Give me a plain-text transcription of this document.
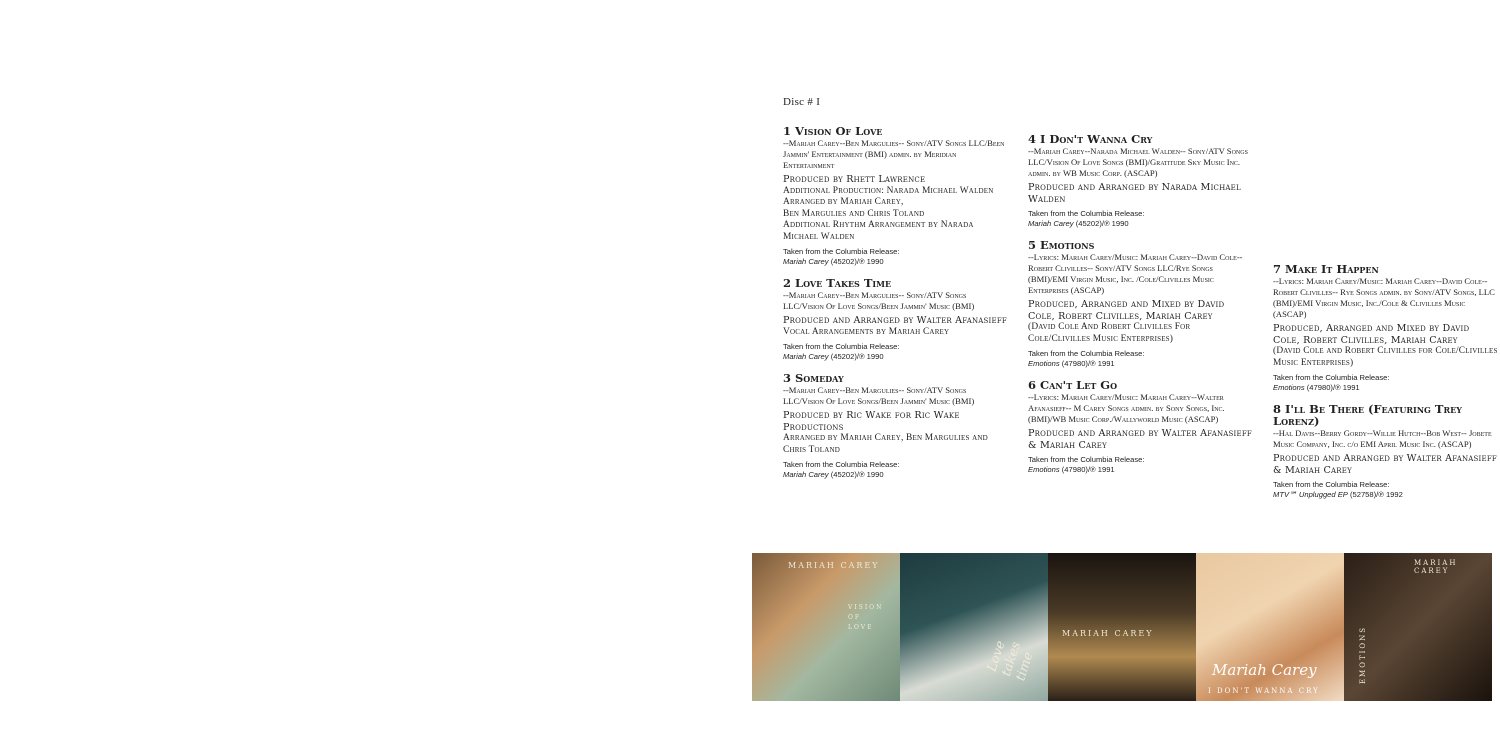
Disc # I
1 Vision Of Love
--Mariah Carey--Ben Margulies-- Sony/ATV Songs LLC/Been Jammin' Entertainment (BMI) admin. by Meridian Entertainment
Produced by Rhett Lawrence
Additional Production: Narada Michael Walden
Arranged by Mariah Carey,
Ben Margulies and Chris Toland
Additional Rhythm Arrangement by Narada Michael Walden
Taken from the Columbia Release:
Mariah Carey (45202)/℗ 1990
2 Love Takes Time
--Mariah Carey--Ben Margulies-- Sony/ATV Songs LLC/Vision Of Love Songs/Been Jammin' Music (BMI)
Produced and Arranged by Walter Afanasieff
Vocal Arrangements by Mariah Carey
Taken from the Columbia Release:
Mariah Carey (45202)/℗ 1990
3 Someday
--Mariah Carey--Ben Margulies-- Sony/ATV Songs LLC/Vision Of Love Songs/Been Jammin' Music (BMI)
Produced by Ric Wake for Ric Wake Productions
Arranged by Mariah Carey, Ben Margulies and Chris Toland
Taken from the Columbia Release:
Mariah Carey (45202)/℗ 1990
4 I Don't Wanna Cry
--Mariah Carey--Narada Michael Walden-- Sony/ATV Songs LLC/Vision Of Love Songs (BMI)/Gratitude Sky Music Inc. admin. by WB Music Corp. (ASCAP)
Produced and Arranged by Narada Michael Walden
Taken from the Columbia Release:
Mariah Carey (45202)/℗ 1990
5 Emotions
--Lyrics: Mariah Carey/Music: Mariah Carey--David Cole--Robert Clivilles-- Sony/ATV Songs LLC/Rye Songs (BMI)/EMI Virgin Music, Inc. /Cole/Clivilles Music Enterprises (ASCAP)
Produced, Arranged and Mixed by David Cole, Robert Clivilles, Mariah Carey
(David Cole And Robert Clivilles For Cole/Clivilles Music Enterprises)
Taken from the Columbia Release:
Emotions (47980)/℗ 1991
6 Can't Let Go
--Lyrics: Mariah Carey/Music: Mariah Carey--Walter Afanasieff-- M Carey Songs admin. by Sony Songs, Inc. (BMI)/WB Music Corp./Wallyworld Music (ASCAP)
Produced and Arranged by Walter Afanasieff & Mariah Carey
Taken from the Columbia Release:
Emotions (47980)/℗ 1991
7 Make It Happen
--Lyrics: Mariah Carey/Music: Mariah Carey--David Cole--Robert Clivilles-- Rye Songs admin. by Sony/ATV Songs, LLC (BMI)/EMI Virgin Music, Inc./Cole & Clivilles Music (ASCAP)
Produced, Arranged and Mixed by David Cole, Robert Clivilles, Mariah Carey
(David Cole and Robert Clivilles for Cole/Clivilles Music Enterprises)
Taken from the Columbia Release:
Emotions (47980)/℗ 1991
8 I'll Be There (Featuring Trey Lorenz)
--Hal Davis--Berry Gordy--Willie Hutch--Bob West-- Jobete Music Company, Inc. c/o EMI April Music Inc. (ASCAP)
Produced and Arranged by Walter Afanasieff & Mariah Carey
Taken from the Columbia Release:
MTV℠ Unplugged EP (52758)/℗ 1992
MARIAH CAREY
VISION OF LOVE
Love takes time
MARIAH CAREY
Mariah Carey
I DON'T WANNA CRY
MARIAH CAREY
EMOTIONS
